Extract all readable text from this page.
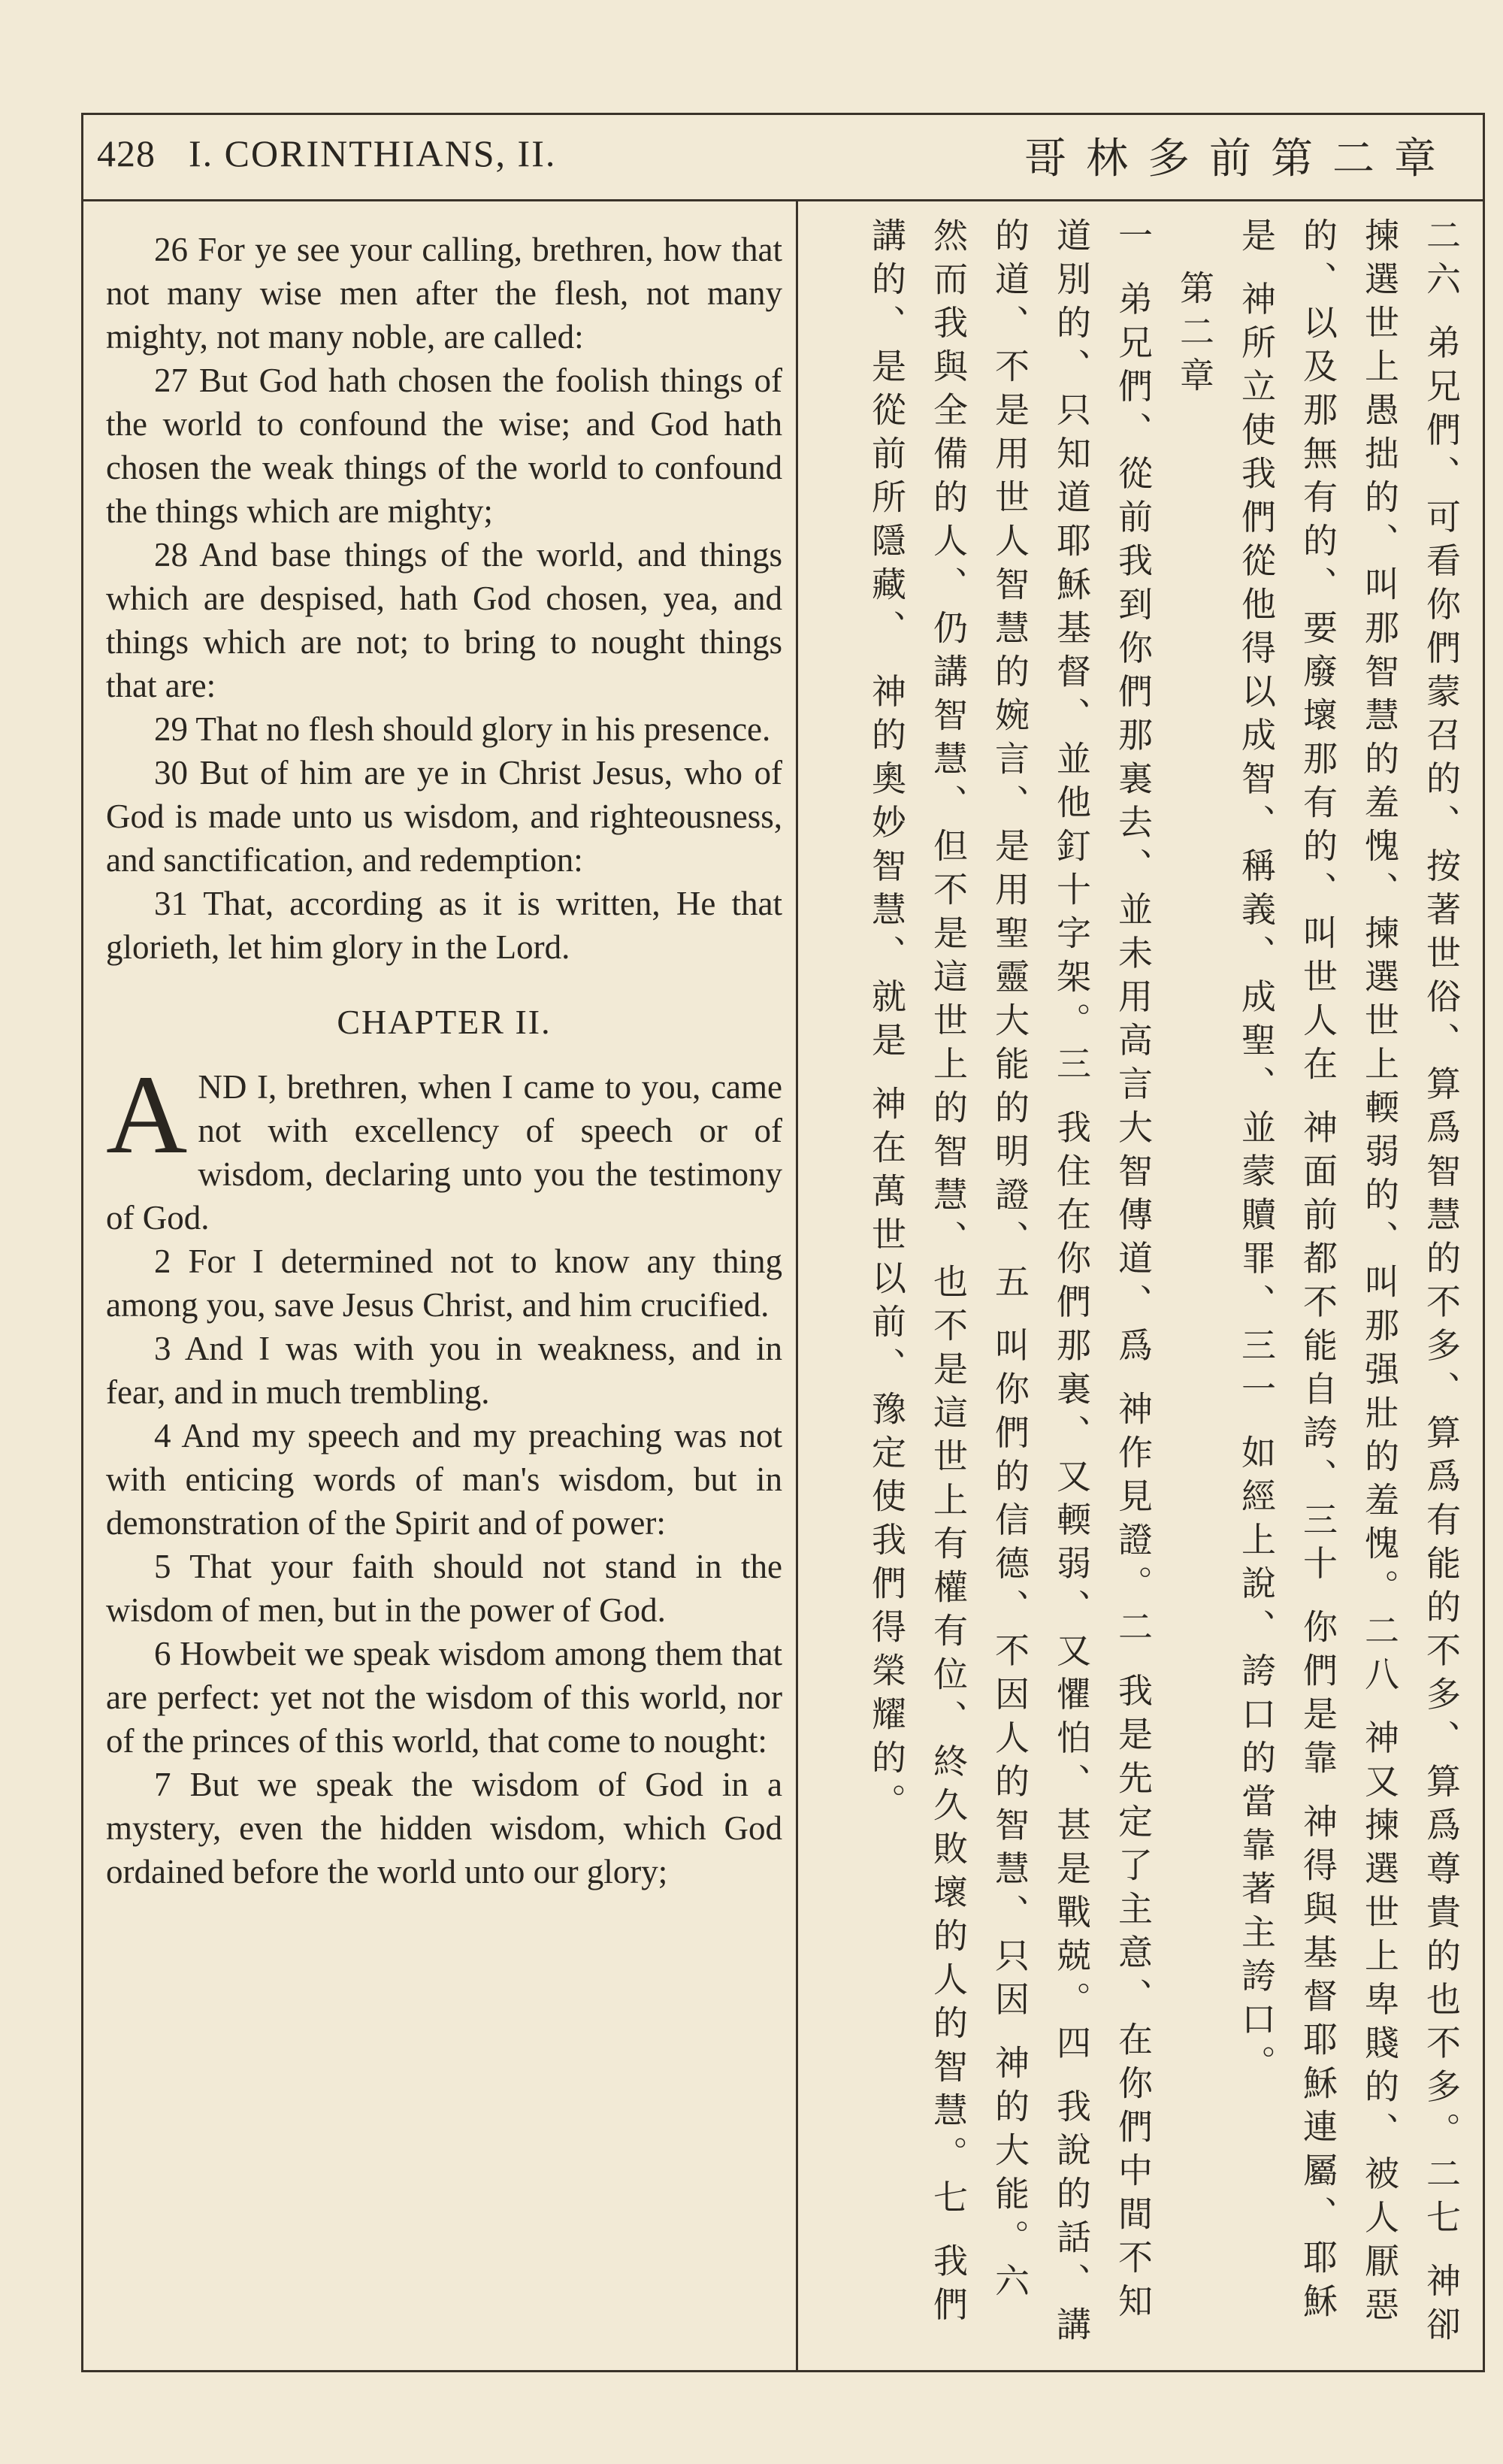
428 I. CORINTHIANS, II.	哥林多前第二章

26 For ye see your calling, brethren, how that not many wise men after the flesh, not many mighty, not many noble, are called:

27 But God hath chosen the foolish things of the world to confound the wise; and God hath chosen the weak things of the world to confound the things which are mighty;

28 And base things of the world, and things which are despised, hath God chosen, yea, and things which are not; to bring to nought things that are:

29 That no flesh should glory in his presence.

30 But of him are ye in Christ Jesus, who of God is made unto us wisdom, and righteousness, and sanctification, and redemption:

31 That, according as it is written, He that glorieth, let him glory in the Lord.

CHAPTER II.

AND I, brethren, when I came to you, came not with excellency of speech or of wisdom, declaring unto you the testimony of God.

2 For I determined not to know any thing among you, save Jesus Christ, and him crucified.

3 And I was with you in weakness, and in fear, and in much trembling.

4 And my speech and my preaching was not with enticing words of man's wisdom, but in demonstration of the Spirit and of power:

5 That your faith should not stand in the wisdom of men, but in the power of God.

6 Howbeit we speak wisdom among them that are perfect: yet not the wisdom of this world, nor of the princes of this world, that come to nought:

7 But we speak the wisdom of God in a mystery, even the hidden wisdom, which God ordained before the world unto our glory;	二六 弟兄們、可看你們蒙召的、按著世俗、算爲智慧的不多、算爲有能的不多、算爲尊貴的也不多。二七 神卻揀選世上愚拙的、叫那智慧的羞愧、揀選世上輭弱的、叫那强壯的羞愧。二八 神又揀選世上卑賤的、被人厭惡的、以及那無有的、要廢壞那有的、叫世人在 神面前都不能自誇、三十 你們是靠 神得與基督耶穌連屬、耶穌是 神所立使我們從他得以成智、稱義、成聖、並蒙贖罪、三一 如經上說、誇口的當靠著主誇口。

第二章

一 弟兄們、從前我到你們那裏去、並未用高言大智傳道、爲 神作見證。二 我是先定了主意、在你們中間不知道別的、只知道耶穌基督、並他釘十字架。三 我住在你們那裏、又輭弱、又懼怕、甚是戰兢。四 我說的話、講的道、不是用世人智慧的婉言、是用聖靈大能的明證、五 叫你們的信德、不因人的智慧、只因 神的大能。六 然而我與全備的人、仍講智慧、但不是這世上的智慧、也不是這世上有權有位、終久敗壞的人的智慧。七 我們講的、是從前所隱藏、 神的奧妙智慧、就是 神在萬世以前、豫定使我們得榮耀的。
